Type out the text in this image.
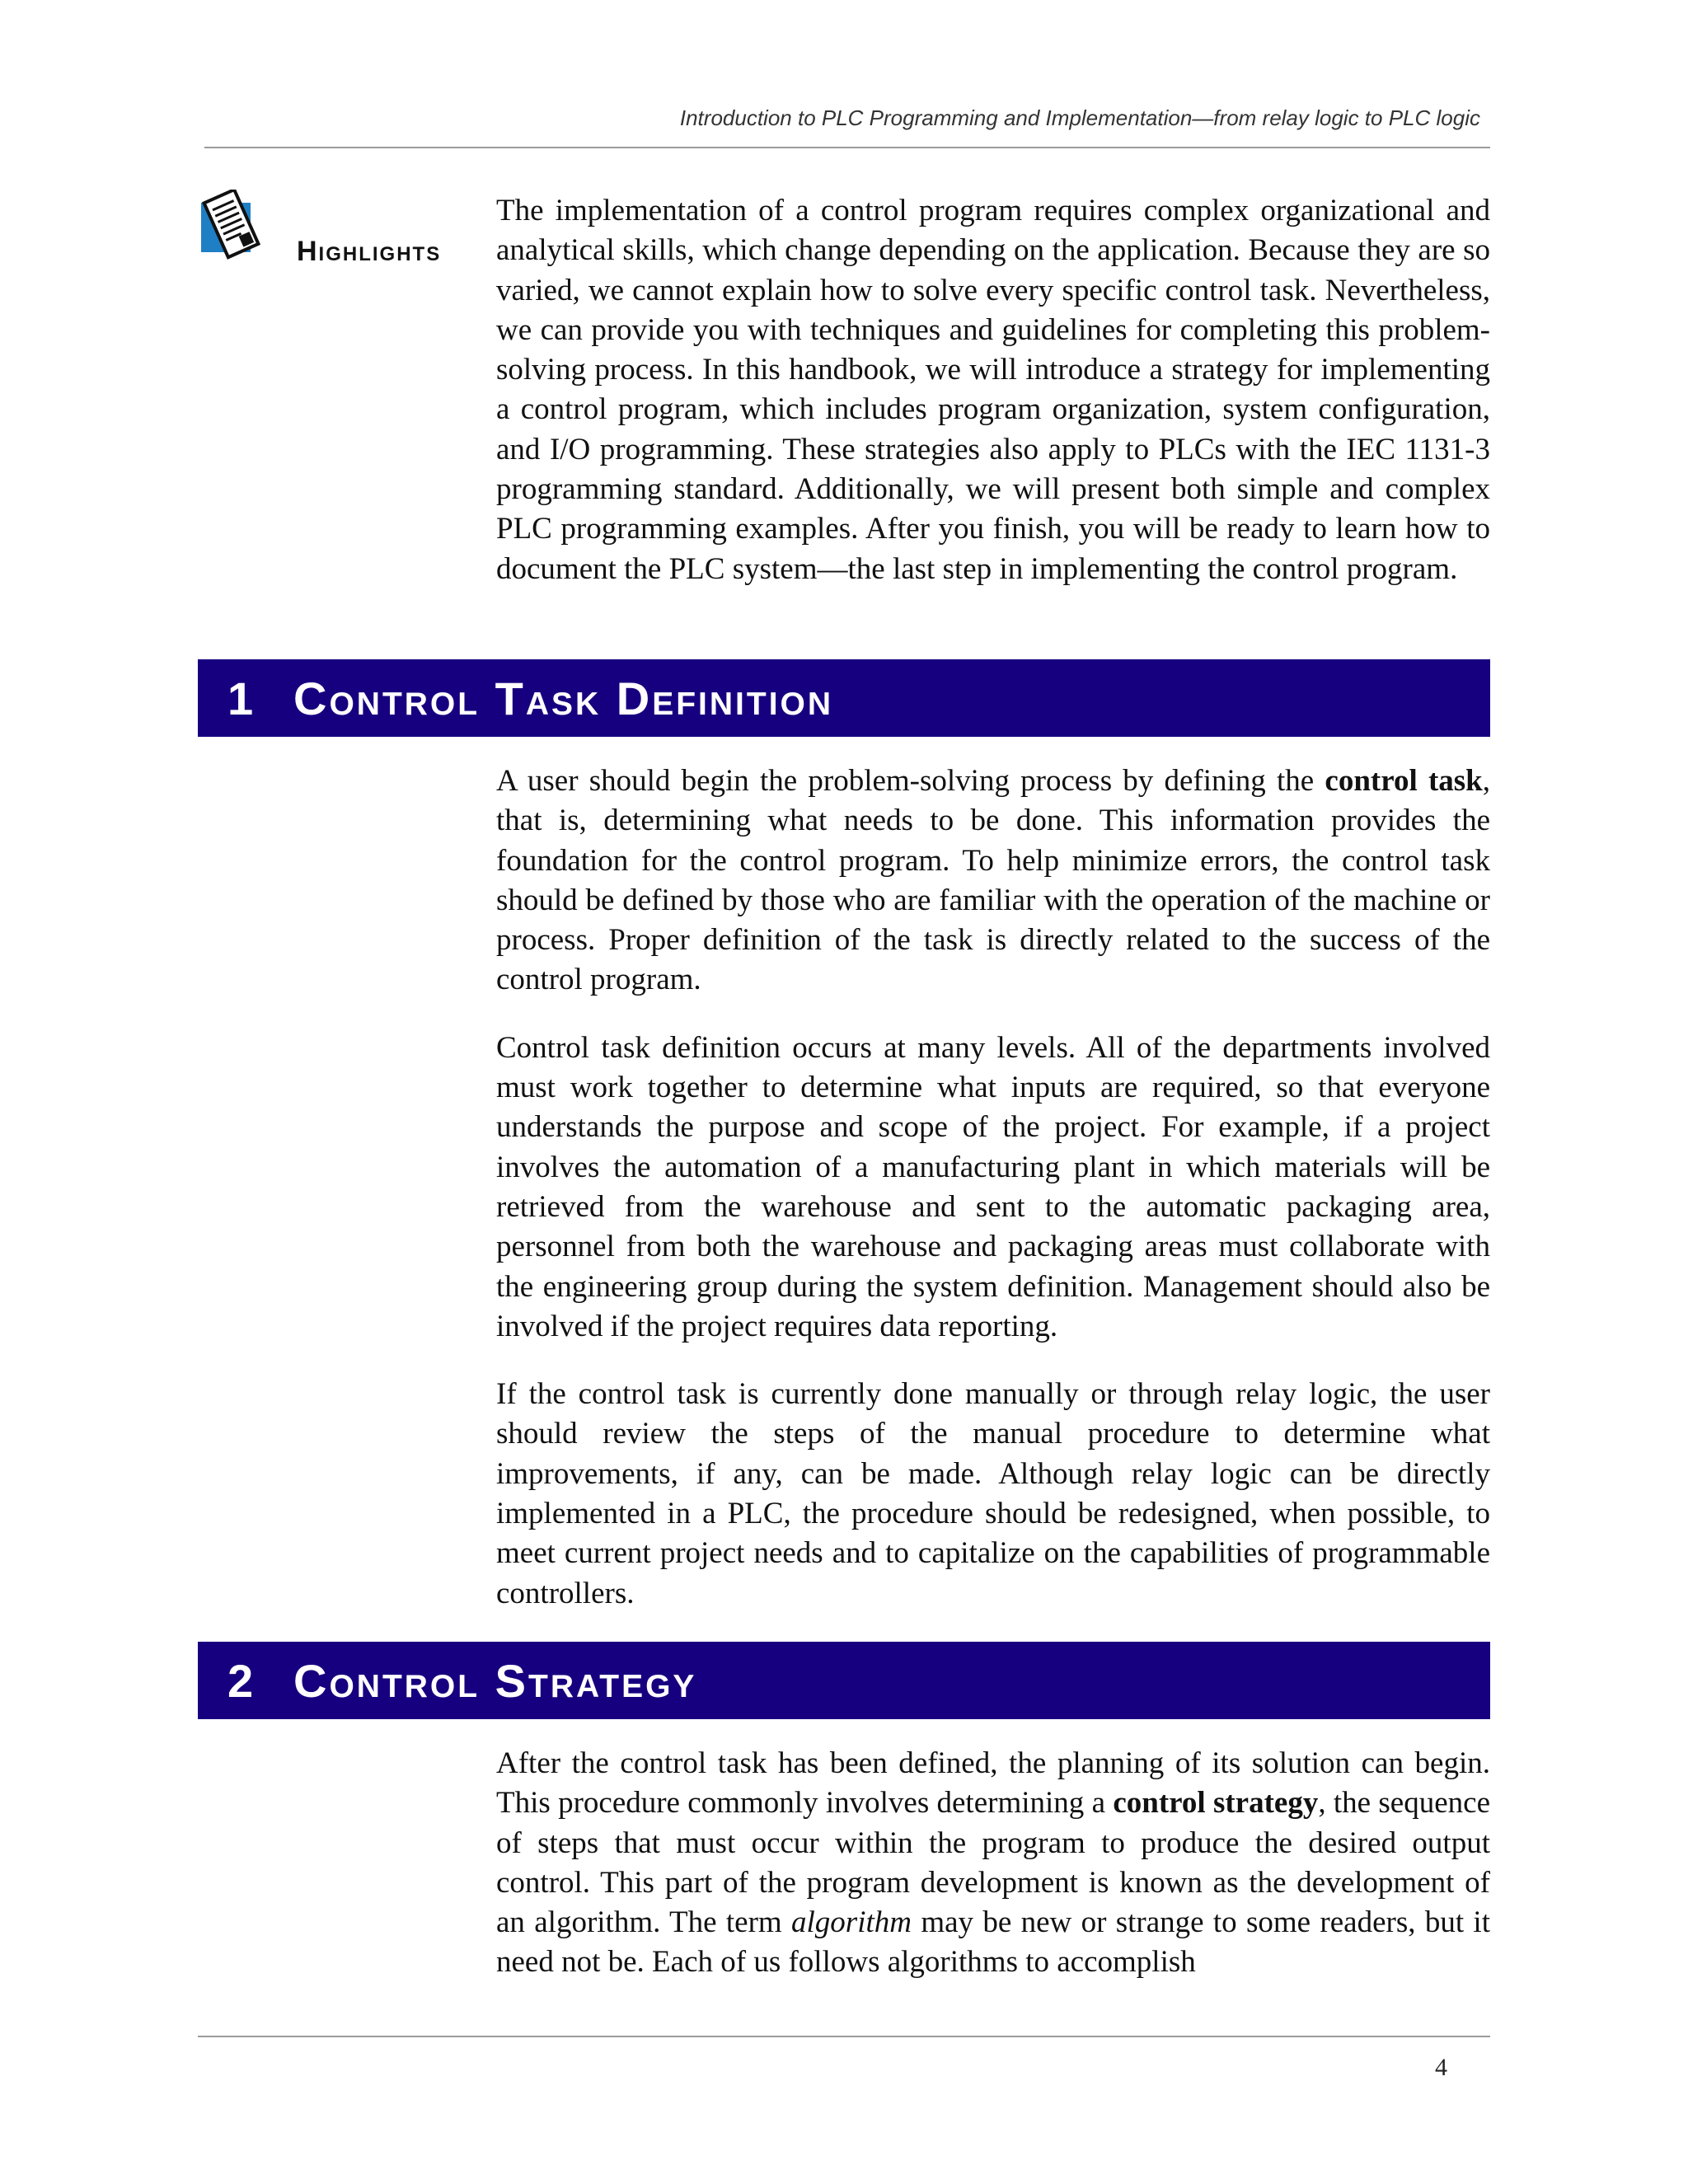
Introduction to PLC Programming and Implementation—from relay logic to PLC logic
Highlights

The implementation of a control program requires complex organizational and analytical skills, which change depending on the application. Because they are so varied, we cannot explain how to solve every specific control task. Nevertheless, we can provide you with techniques and guidelines for completing this problem-solving process. In this handbook, we will introduce a strategy for implementing a control program, which includes program organization, system configuration, and I/O programming. These strategies also apply to PLCs with the IEC 1131-3 programming standard. Additionally, we will present both simple and complex PLC programming examples. After you finish, you will be ready to learn how to document the PLC system—the last step in implementing the control program.

1 Control Task Definition

A user should begin the problem-solving process by defining the control task, that is, determining what needs to be done. This information provides the foundation for the control program. To help minimize errors, the control task should be defined by those who are familiar with the operation of the machine or process. Proper definition of the task is directly related to the success of the control program.

Control task definition occurs at many levels. All of the departments involved must work together to determine what inputs are required, so that everyone understands the purpose and scope of the project. For example, if a project involves the automation of a manufacturing plant in which materials will be retrieved from the warehouse and sent to the automatic packaging area, personnel from both the warehouse and packaging areas must collaborate with the engineering group during the system definition. Management should also be involved if the project requires data reporting.

If the control task is currently done manually or through relay logic, the user should review the steps of the manual procedure to determine what improvements, if any, can be made. Although relay logic can be directly implemented in a PLC, the procedure should be redesigned, when possible, to meet current project needs and to capitalize on the capabilities of programmable controllers.

2 Control Strategy

After the control task has been defined, the planning of its solution can begin. This procedure commonly involves determining a control strategy, the sequence of steps that must occur within the program to produce the desired output control. This part of the program development is known as the development of an algorithm. The term algorithm may be new or strange to some readers, but it need not be. Each of us follows algorithms to accomplish

4
